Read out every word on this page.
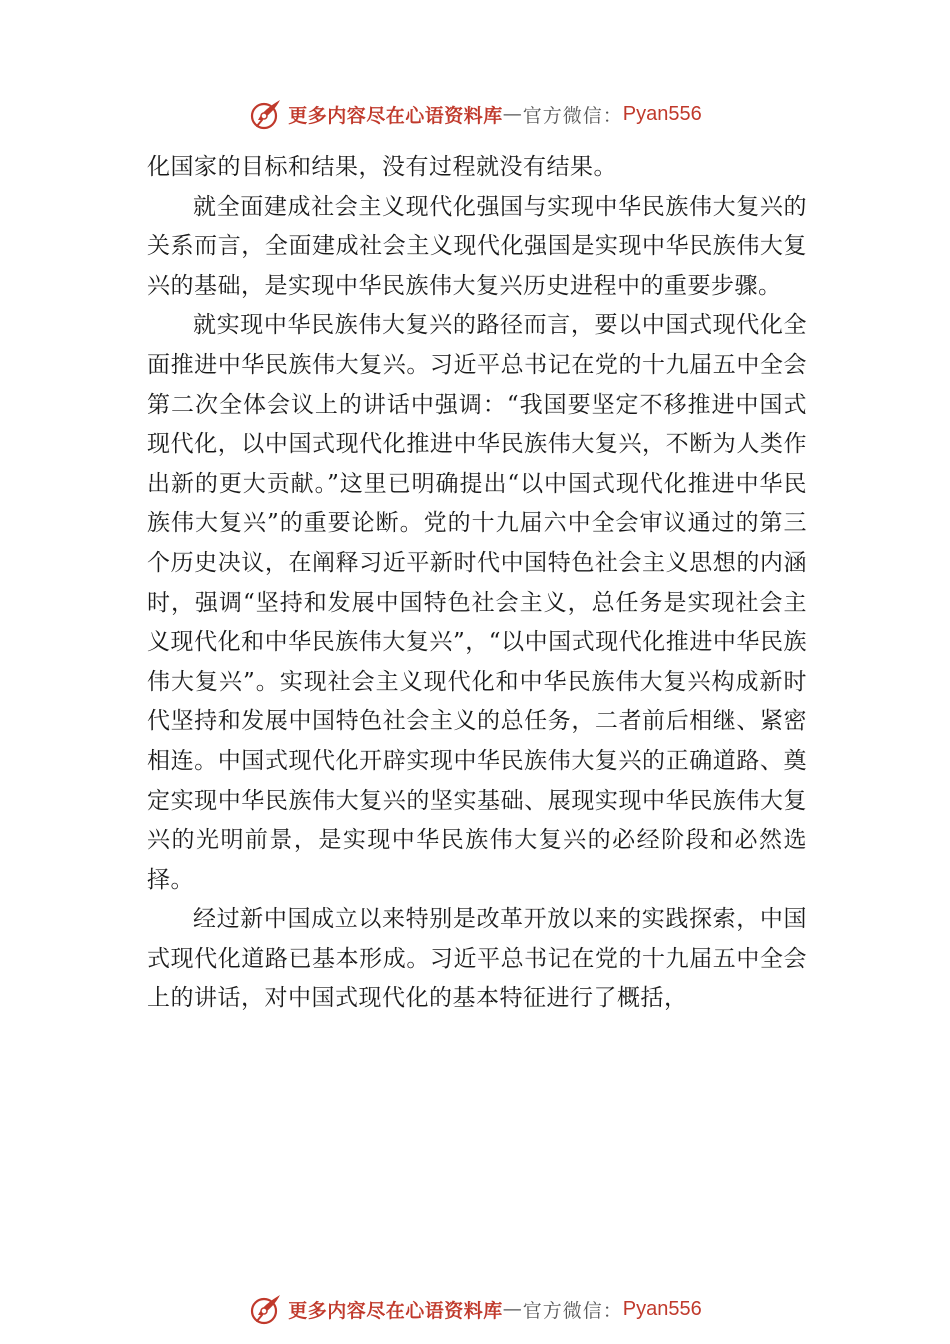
更多内容尽在心语资料库 — 官方微信： Pyan556

化国家的目标和结果，没有过程就没有结果。

就全面建成社会主义现代化强国与实现中华民族伟大复兴的关系而言，全面建成社会主义现代化强国是实现中华民族伟大复兴的基础，是实现中华民族伟大复兴历史进程中的重要步骤。

就实现中华民族伟大复兴的路径而言，要以中国式现代化全面推进中华民族伟大复兴。习近平总书记在党的十九届五中全会第二次全体会议上的讲话中强调：“我国要坚定不移推进中国式现代化，以中国式现代化推进中华民族伟大复兴，不断为人类作出新的更大贡献。”这里已明确提出“以中国式现代化推进中华民族伟大复兴”的重要论断。党的十九届六中全会审议通过的第三个历史决议，在阐释习近平新时代中国特色社会主义思想的内涵时，强调“坚持和发展中国特色社会主义，总任务是实现社会主义现代化和中华民族伟大复兴”，“以中国式现代化推进中华民族伟大复兴”。实现社会主义现代化和中华民族伟大复兴构成新时代坚持和发展中国特色社会主义的总任务，二者前后相继、紧密相连。中国式现代化开辟实现中华民族伟大复兴的正确道路、奠定实现中华民族伟大复兴的坚实基础、展现实现中华民族伟大复兴的光明前景，是实现中华民族伟大复兴的必经阶段和必然选择。

经过新中国成立以来特别是改革开放以来的实践探索，中国式现代化道路已基本形成。习近平总书记在党的十九届五中全会上的讲话，对中国式现代化的基本特征进行了概括，

更多内容尽在心语资料库 — 官方微信： Pyan556
